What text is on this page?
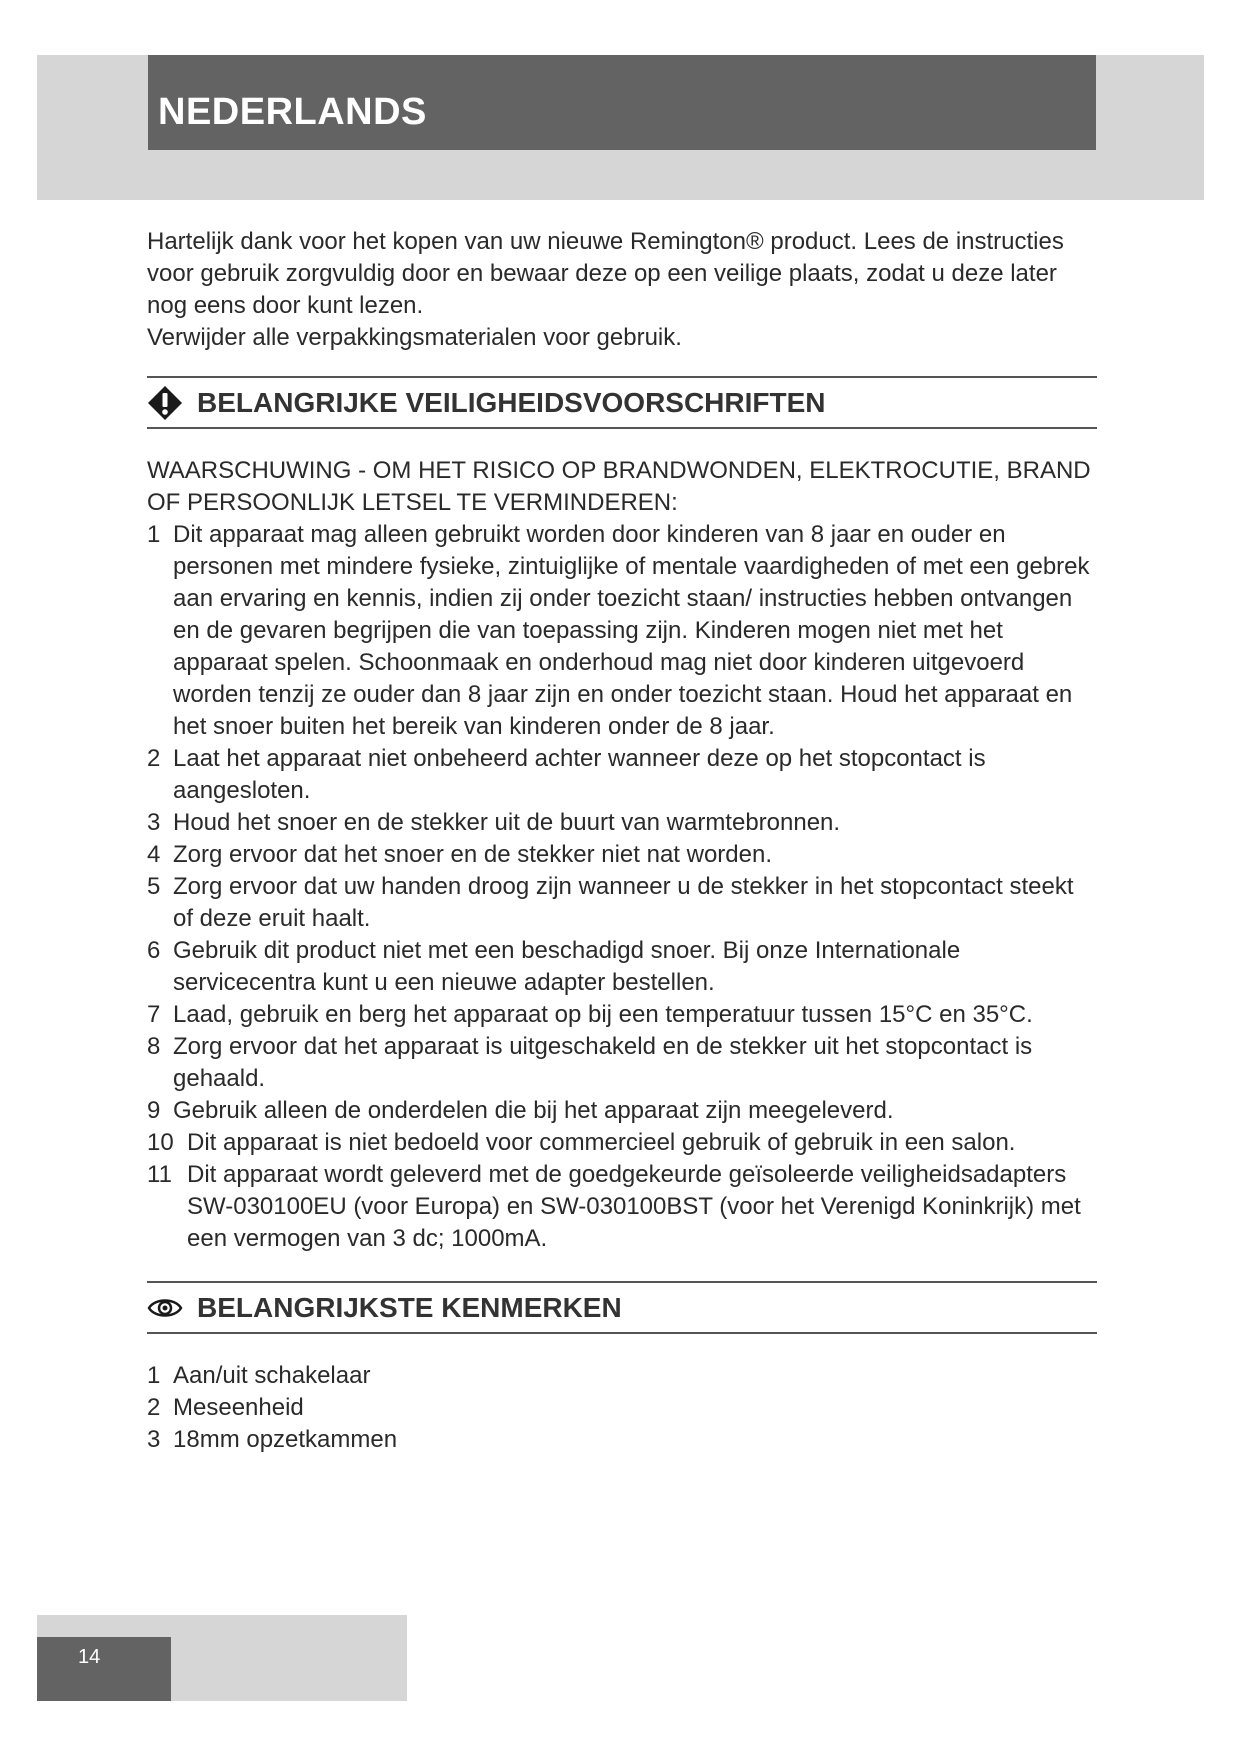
NEDERLANDS

Hartelijk dank voor het kopen van uw nieuwe Remington® product. Lees de instructies voor gebruik zorgvuldig door en bewaar deze op een veilige plaats, zodat u deze later nog eens door kunt lezen.

Verwijder alle verpakkingsmaterialen voor gebruik.

BELANGRIJKE VEILIGHEIDSVOORSCHRIFTEN

WAARSCHUWING - OM HET RISICO OP BRANDWONDEN, ELEKTROCUTIE, BRAND OF PERSOONLIJK LETSEL TE VERMINDEREN:

1 Dit apparaat mag alleen gebruikt worden door kinderen van 8 jaar en ouder en personen met mindere fysieke, zintuiglijke of mentale vaardigheden of met een gebrek aan ervaring en kennis, indien zij onder toezicht staan/ instructies hebben ontvangen en de gevaren begrijpen die van toepassing zijn. Kinderen mogen niet met het apparaat spelen. Schoonmaak en onderhoud mag niet door kinderen uitgevoerd worden tenzij ze ouder dan 8 jaar zijn en onder toezicht staan. Houd het apparaat en het snoer buiten het bereik van kinderen onder de 8 jaar.
2 Laat het apparaat niet onbeheerd achter wanneer deze op het stopcontact is aangesloten.
3 Houd het snoer en de stekker uit de buurt van warmtebronnen.
4 Zorg ervoor dat het snoer en de stekker niet nat worden.
5 Zorg ervoor dat uw handen droog zijn wanneer u de stekker in het stopcontact steekt of deze eruit haalt.
6 Gebruik dit product niet met een beschadigd snoer. Bij onze Internationale servicecentra kunt u een nieuwe adapter bestellen.
7 Laad, gebruik en berg het apparaat op bij een temperatuur tussen 15°C en 35°C.
8 Zorg ervoor dat het apparaat is uitgeschakeld en de stekker uit het stopcontact is gehaald.
9 Gebruik alleen de onderdelen die bij het apparaat zijn meegeleverd.
10 Dit apparaat is niet bedoeld voor commercieel gebruik of gebruik in een salon.
11 Dit apparaat wordt geleverd met de goedgekeurde geïsoleerde veiligheidsadapters SW-030100EU (voor Europa) en SW-030100BST (voor het Verenigd Koninkrijk) met een vermogen van 3 dc; 1000mA.
BELANGRIJKSTE KENMERKEN
1 Aan/uit schakelaar
2 Meseenheid
3 18mm opzetkammen
14
